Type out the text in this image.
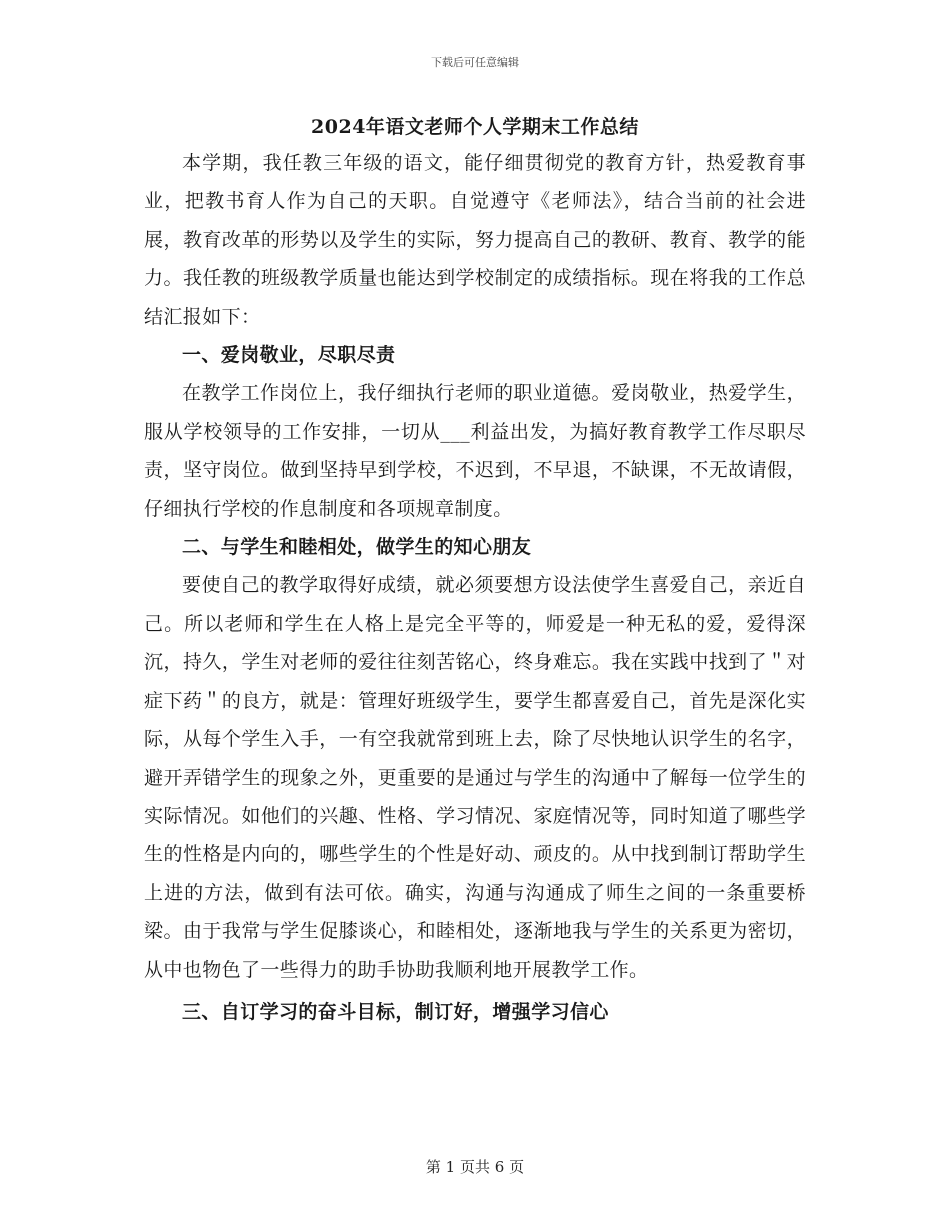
下载后可任意编辑
2024年语文老师个人学期末工作总结

本学期，我任教三年级的语文，能仔细贯彻党的教育方针，热爱教育事业，把教书育人作为自己的天职。自觉遵守《老师法》，结合当前的社会进展，教育改革的形势以及学生的实际，努力提高自己的教研、教育、教学的能力。我任教的班级教学质量也能达到学校制定的成绩指标。现在将我的工作总结汇报如下：

一、爱岗敬业，尽职尽责

在教学工作岗位上，我仔细执行老师的职业道德。爱岗敬业，热爱学生，服从学校领导的工作安排，一切从___利益出发，为搞好教育教学工作尽职尽责，坚守岗位。做到坚持早到学校，不迟到，不早退，不缺课，不无故请假，仔细执行学校的作息制度和各项规章制度。

二、与学生和睦相处，做学生的知心朋友

要使自己的教学取得好成绩，就必须要想方设法使学生喜爱自己，亲近自己。所以老师和学生在人格上是完全平等的，师爱是一种无私的爱，爱得深沉，持久，学生对老师的爱往往刻苦铭心，终身难忘。我在实践中找到了＂对症下药＂的良方，就是：管理好班级学生，要学生都喜爱自己，首先是深化实际，从每个学生入手，一有空我就常到班上去，除了尽快地认识学生的名字，避开弄错学生的现象之外，更重要的是通过与学生的沟通中了解每一位学生的实际情况。如他们的兴趣、性格、学习情况、家庭情况等，同时知道了哪些学生的性格是内向的，哪些学生的个性是好动、顽皮的。从中找到制订帮助学生上进的方法，做到有法可依。确实，沟通与沟通成了师生之间的一条重要桥梁。由于我常与学生促膝谈心，和睦相处，逐渐地我与学生的关系更为密切，从中也物色了一些得力的助手协助我顺利地开展教学工作。

三、自订学习的奋斗目标，制订好，增强学习信心

第 1 页共 6 页
